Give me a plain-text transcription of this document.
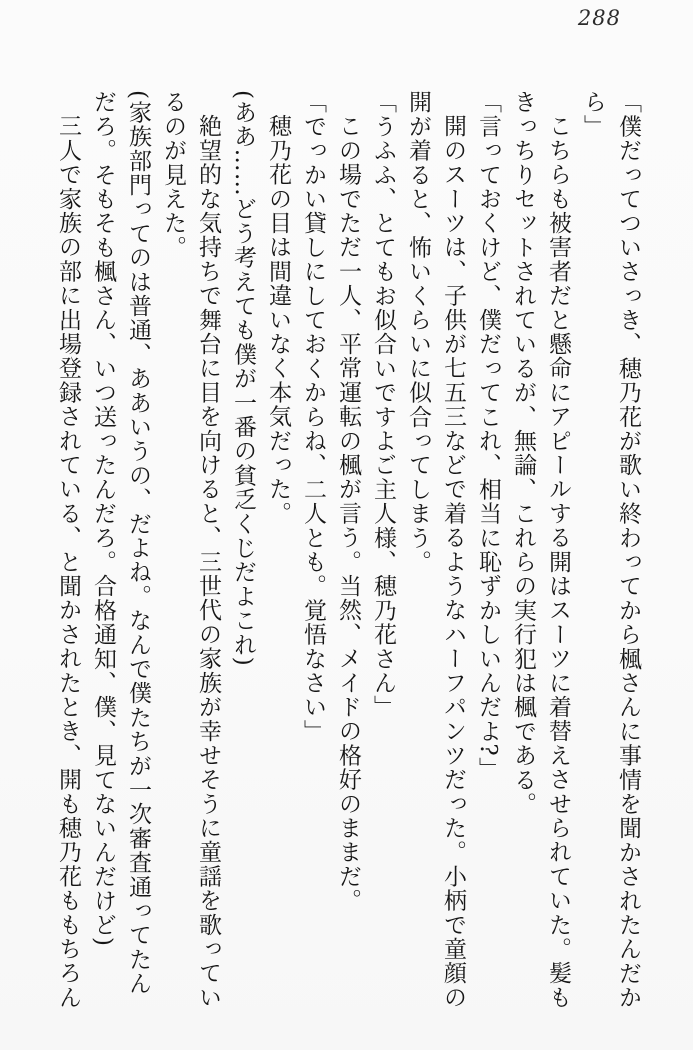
288
「僕だってついさっき、穂乃花が歌い終わってから楓さんに事情を聞かされたんだか
ら」
こちらも被害者だと懸命にアピールする開はスーツに着替えさせられていた。髪も
きっちりセットされているが、無論、これらの実行犯は楓である。
「言っておくけど、僕だってこれ、相当に恥ずかしいんだよ?」
開のスーツは、子供が七五三などで着るようなハーフパンツだった。小柄で童顔の
開が着ると、怖いくらいに似合ってしまう。
「うふふ、とてもお似合いですよご主人様、穂乃花さん」
この場でただ一人、平常運転の楓が言う。当然、メイドの格好のままだ。
「でっかい貸しにしておくからね、二人とも。覚悟なさい」
穂乃花の目は間違いなく本気だった。
(ああ……どう考えても僕が一番の貧乏くじだよこれ)
絶望的な気持ちで舞台に目を向けると、三世代の家族が幸せそうに童謡を歌ってい
るのが見えた。
(家族部門ってのは普通、ああいうの、だよね。なんで僕たちが一次審査通ってたん
だろ。そもそも楓さん、いつ送ったんだろ。合格通知、僕、見てないんだけど)
三人で家族の部に出場登録されている、と聞かされたとき、開も穂乃花ももちろん
